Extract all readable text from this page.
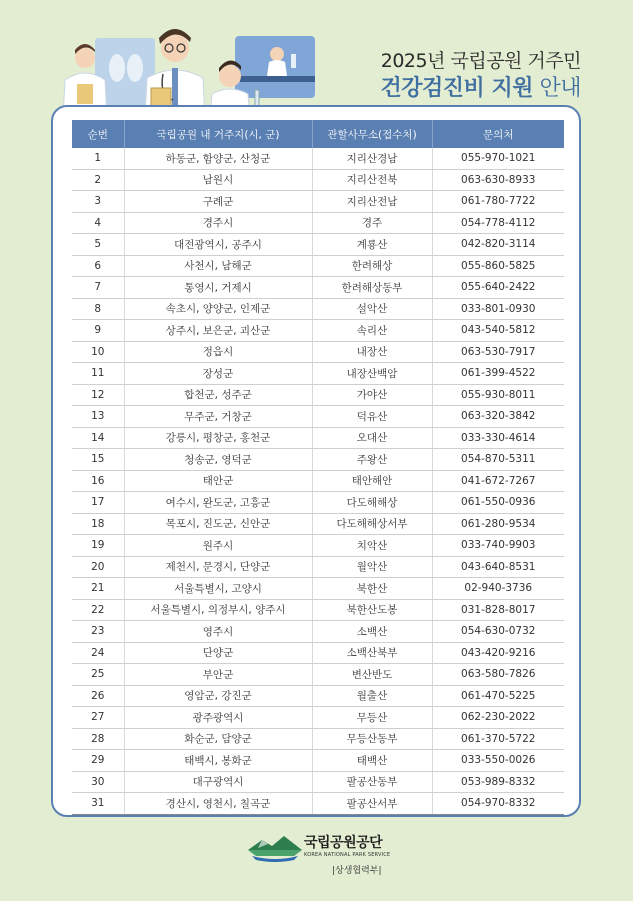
2025년 국립공원 거주민
건강검진비 지원 안내
순번	국립공원 내 거주지(시, 군)	관할사무소(접수처)	문의처
1	하동군, 함양군, 산청군	지리산경남	055-970-1021
2	남원시	지리산전북	063-630-8933
3	구례군	지리산전남	061-780-7722
4	경주시	경주	054-778-4112
5	대전광역시, 공주시	계룡산	042-820-3114
6	사천시, 남해군	한려해상	055-860-5825
7	통영시, 거제시	한려해상동부	055-640-2422
8	속초시, 양양군, 인제군	설악산	033-801-0930
9	상주시, 보은군, 괴산군	속리산	043-540-5812
10	정읍시	내장산	063-530-7917
11	장성군	내장산백암	061-399-4522
12	합천군, 성주군	가야산	055-930-8011
13	무주군, 거창군	덕유산	063-320-3842
14	강릉시, 평창군, 홍천군	오대산	033-330-4614
15	청송군, 영덕군	주왕산	054-870-5311
16	태안군	태안해안	041-672-7267
17	여수시, 완도군, 고흥군	다도해해상	061-550-0936
18	목포시, 진도군, 신안군	다도해해상서부	061-280-9534
19	원주시	치악산	033-740-9903
20	제천시, 문경시, 단양군	월악산	043-640-8531
21	서울특별시, 고양시	북한산	02-940-3736
22	서울특별시, 의정부시, 양주시	북한산도봉	031-828-8017
23	영주시	소백산	054-630-0732
24	단양군	소백산북부	043-420-9216
25	부안군	변산반도	063-580-7826
26	영암군, 강진군	월출산	061-470-5225
27	광주광역시	무등산	062-230-2022
28	화순군, 담양군	무등산동부	061-370-5722
29	태백시, 봉화군	태백산	033-550-0026
30	대구광역시	팔공산동부	053-989-8332
31	경산시, 영천시, 칠곡군	팔공산서부	054-970-8332
국립공원공단
KOREA NATIONAL PARK SERVICE
|상생협력부|
